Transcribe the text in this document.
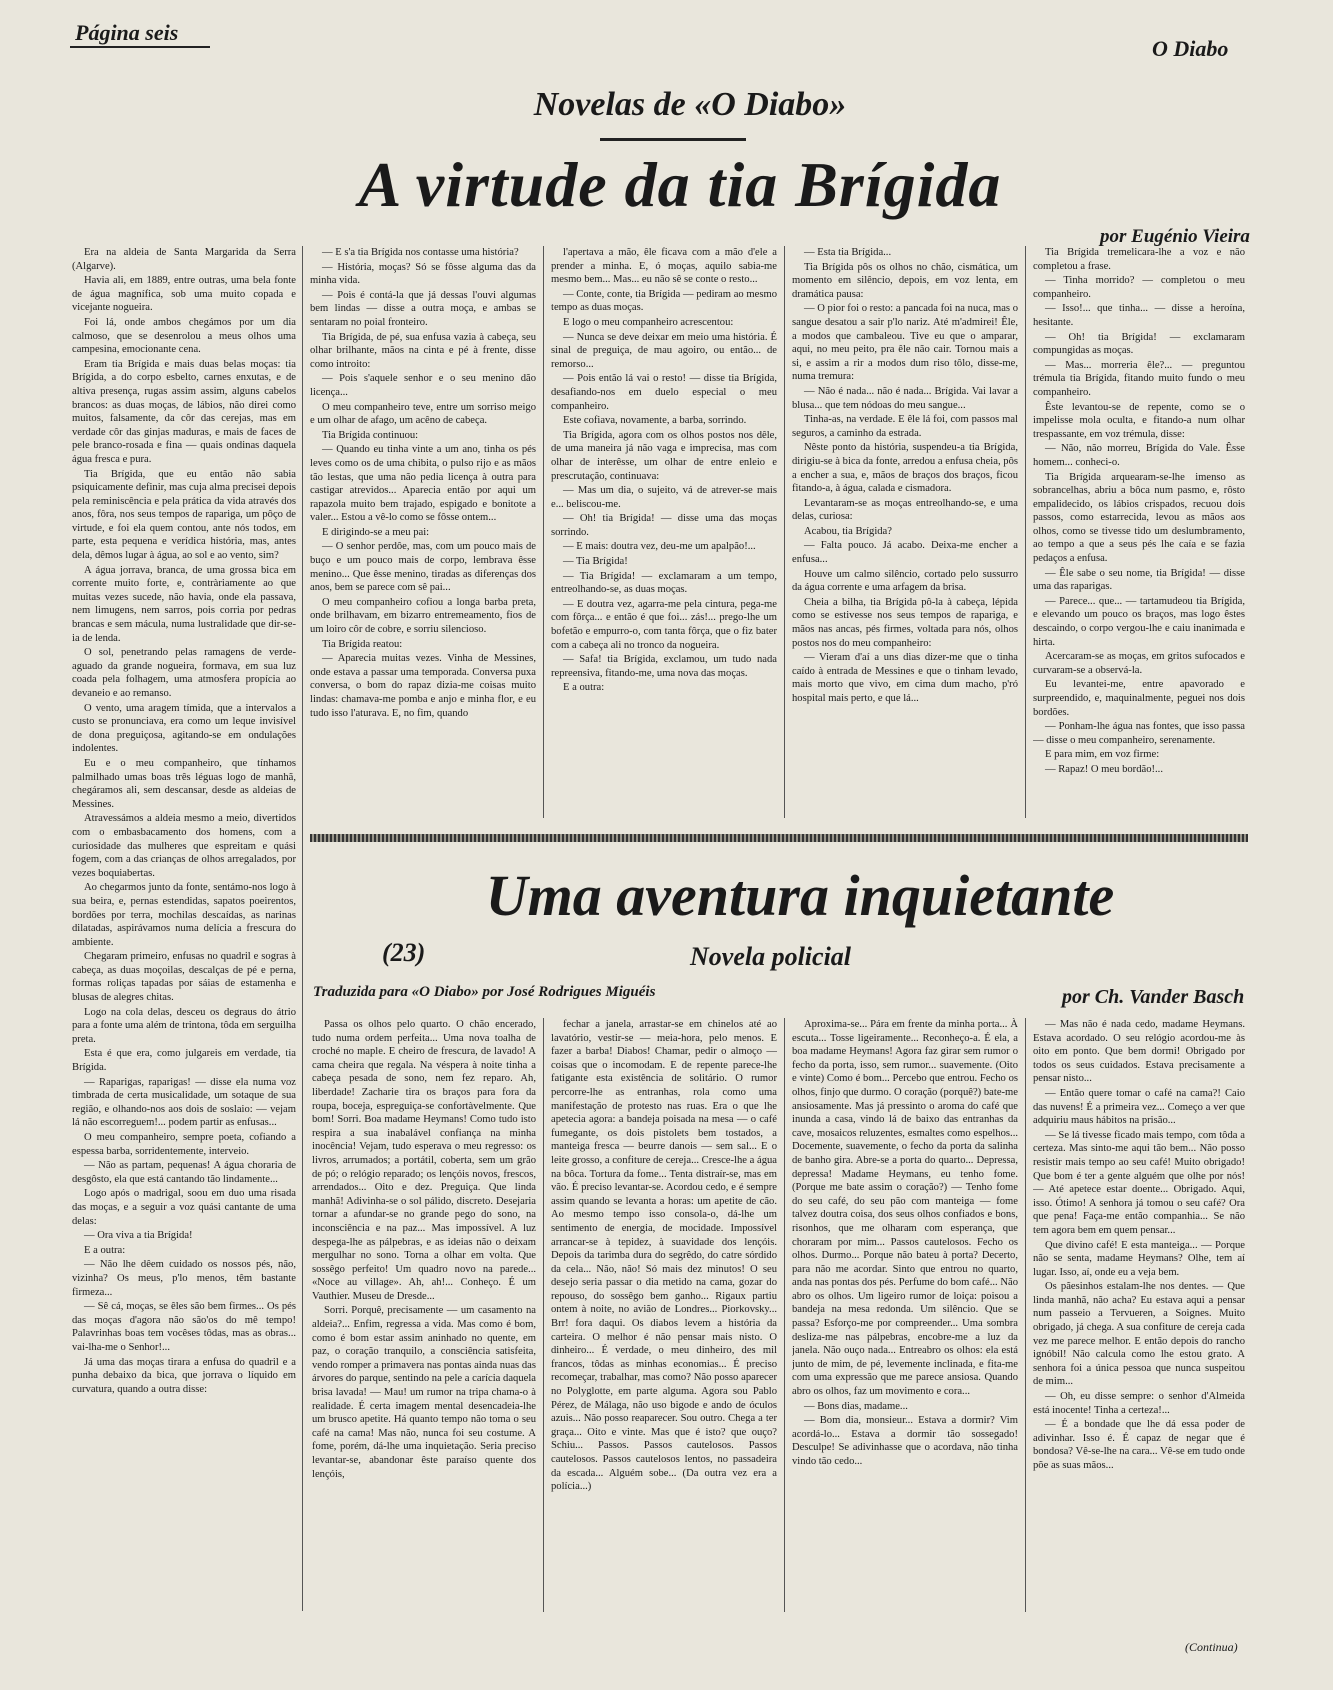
Página seis
O Diabo
Novelas de «O Diabo»
A virtude da tia Brígida
por Eugénio Vieira

Era na aldeia de Santa Margarida da Serra (Algarve).

Havia ali, em 1889, entre outras, uma bela fonte de água magnífica, sob uma muito copada e vicejante nogueira.

Foi lá, onde ambos chegámos por um dia calmoso, que se desenrolou a meus olhos uma campesina, emocionante cena.

Eram tia Brígida e mais duas belas moças: tia Brígida, a do corpo esbelto, carnes enxutas, e de altiva presença, rugas assim assim, alguns cabelos brancos: as duas moças, de lábios, não direi como muitos, falsamente, da côr das cerejas, mas em verdade côr das ginjas maduras, e mais de faces de pele branco-rosada e fina — quais ondinas daquela água fresca e pura.

Tia Brígida, que eu então não sabia psiquicamente definir, mas cuja alma precisei depois pela reminiscência e pela prática da vida através dos anos, fôra, nos seus tempos de rapariga, um pôço de virtude, e foi ela quem contou, ante nós todos, em parte, esta pequena e verídica história, mas, antes dela, dêmos lugar à água, ao sol e ao vento, sim?

A água jorrava, branca, de uma grossa bica em corrente muito forte, e, contràriamente ao que muitas vezes sucede, não havia, onde ela passava, nem limugens, nem sarros, pois corria por pedras brancas e sem mácula, numa lustralidade que dir-se-ia de lenda.

O sol, penetrando pelas ramagens de verde-aguado da grande nogueira, formava, em sua luz coada pela folhagem, uma atmosfera propícia ao devaneio e ao remanso.

O vento, uma aragem tímida, que a intervalos a custo se pronunciava, era como um leque invisível de dona preguiçosa, agitando-se em ondulações indolentes.

Eu e o meu companheiro, que tínhamos palmilhado umas boas três léguas logo de manhã, chegáramos ali, sem descansar, desde as aldeias de Messines.

Atravessámos a aldeia mesmo a meio, divertidos com o embasbacamento dos homens, com a curiosidade das mulheres que espreitam e quási fogem, com a das crianças de olhos arregalados, por vezes boquiabertas.

Ao chegarmos junto da fonte, sentámo-nos logo à sua beira, e, pernas estendidas, sapatos poeirentos, bordões por terra, mochilas descaídas, as narinas dilatadas, aspirávamos numa delícia a frescura do ambiente.

Chegaram primeiro, enfusas no quadril e sogras à cabeça, as duas moçoilas, descalças de pé e perna, formas roliças tapadas por sáias de estamenha e blusas de alegres chitas.

Logo na cola delas, desceu os degraus do átrio para a fonte uma além de trintona, tôda em serguilha preta.

Esta é que era, como julgareis em verdade, tia Brígida.

— Raparigas, raparigas! — disse ela numa voz timbrada de certa musicalidade, um sotaque de sua região, e olhando-nos aos dois de soslaio: — vejam lá não escorreguem!... podem partir as enfusas...

O meu companheiro, sempre poeta, cofiando a espessa barba, sorridentemente, interveio.

— Não as partam, pequenas! A água choraria de desgôsto, ela que está cantando tão lindamente...

Logo após o madrigal, soou em duo uma risada das moças, e a seguir a voz quási cantante de uma delas:

— Ora viva a tia Brígida!

E a outra:

— Não lhe dêem cuidado os nossos pés, não, vizinha? Os meus, p'lo menos, têm bastante firmeza...

— Sê cá, moças, se êles são bem firmes... Os pés das moças d'agora não são'os do mê tempo! Palavrinhas boas tem vocêses tôdas, mas as obras... vai-lha-me o Senhor!...

Já uma das moças tirara a enfusa do quadril e a punha debaixo da bica, que jorrava o líquido em curvatura, quando a outra disse:

— E s'a tia Brígida nos contasse uma história?

— História, moças? Só se fôsse alguma das da minha vida.

— Pois é contá-la que já dessas l'ouvi algumas bem lindas — disse a outra moça, e ambas se sentaram no poial fronteiro.

Tia Brígida, de pé, sua enfusa vazia à cabeça, seu olhar brilhante, mãos na cinta e pé à frente, disse como introito:

— Pois s'aquele senhor e o seu menino dão licença...

O meu companheiro teve, entre um sorriso meigo e um olhar de afago, um acêno de cabeça.

Tia Brígida continuou:

— Quando eu tinha vinte a um ano, tinha os pés leves como os de uma chibita, o pulso rijo e as mãos tão lestas, que uma não pedia licença à outra para castigar atrevidos... Aparecia então por aqui um rapazola muito bem trajado, espigado e bonitote a valer... Estou a vê-lo como se fôsse ontem...

E dirigindo-se a meu pai:

— O senhor perdôe, mas, com um pouco mais de buço e um pouco mais de corpo, lembrava êsse menino... Que êsse menino, tiradas as diferenças dos anos, bem se parece com sê pai...

O meu companheiro cofiou a longa barba preta, onde brilhavam, em bizarro entremeamento, fios de um loiro côr de cobre, e sorriu silencioso.

Tia Brígida reatou:

— Aparecia muitas vezes. Vinha de Messines, onde estava a passar uma temporada. Conversa puxa conversa, o bom do rapaz dizia-me coisas muito lindas: chamava-me pomba e anjo e minha flor, e eu tudo isso l'aturava. E, no fim, quando

l'apertava a mão, êle ficava com a mão d'ele a prender a minha. E, ó moças, aquilo sabia-me mesmo bem... Mas... eu não sê se conte o resto...

— Conte, conte, tia Brígida — pediram ao mesmo tempo as duas moças.

E logo o meu companheiro acrescentou:

— Nunca se deve deixar em meio uma história. É sinal de preguiça, de mau agoiro, ou então... de remorso...

— Pois então lá vai o resto! — disse tia Brígida, desafiando-nos em duelo especial o meu companheiro.

Este cofiava, novamente, a barba, sorrindo.

Tia Brígida, agora com os olhos postos nos dêle, de uma maneira já não vaga e imprecisa, mas com olhar de interêsse, um olhar de entre enleio e prescrutação, continuava:

— Mas um dia, o sujeito, vá de atrever-se mais e... beliscou-me.

— Oh! tia Brígida! — disse uma das moças sorrindo.

— E mais: doutra vez, deu-me um apalpão!...

— Tia Brígida!

— Tia Brígida! — exclamaram a um tempo, entreolhando-se, as duas moças.

— E doutra vez, agarra-me pela cintura, pega-me com fôrça... e então é que foi... zás!... prego-lhe um bofetão e empurro-o, com tanta fôrça, que o fiz bater com a cabeça ali no tronco da nogueira.

— Safa! tia Brígida, exclamou, um tudo nada repreensiva, fitando-me, uma nova das moças.

E a outra:

— Esta tia Brígida...

Tia Brígida pôs os olhos no chão, cismática, um momento em silêncio, depois, em voz lenta, em dramática pausa:

— O pior foi o resto: a pancada foi na nuca, mas o sangue desatou a sair p'lo nariz. Até m'admirei! Êle, a modos que cambaleou. Tive eu que o amparar, aqui, no meu peito, pra êle não cair. Tornou mais a si, e assim a rir a modos dum riso tôlo, disse-me, numa tremura:

— Não é nada... não é nada... Brígida. Vai lavar a blusa... que tem nódoas do meu sangue...

Tinha-as, na verdade. E êle lá foi, com passos mal seguros, a caminho da estrada.

Nêste ponto da história, suspendeu-a tia Brígida, dirigiu-se à bica da fonte, arredou a enfusa cheia, pôs a encher a sua, e, mãos de braços dos braços, ficou fitando-a, à água, calada e cismadora.

Levantaram-se as moças entreolhando-se, e uma delas, curiosa:

Acabou, tia Brígida?

— Falta pouco. Já acabo. Deixa-me encher a enfusa...

Houve um calmo silêncio, cortado pelo sussurro da água corrente e uma arfagem da brisa.

Cheia a bilha, tia Brígida pô-la à cabeça, lépida como se estivesse nos seus tempos de rapariga, e mãos nas ancas, pés firmes, voltada para nós, olhos postos nos do meu companheiro:

— Vieram d'aí a uns dias dizer-me que o tinha caído à entrada de Messines e que o tinham levado, mais morto que vivo, em cima dum macho, p'ró hospital mais perto, e que lá...

Tia Brígida tremelicara-lhe a voz e não completou a frase.

— Tinha morrido? — completou o meu companheiro.

— Isso!... que tinha... — disse a heroína, hesitante.

— Oh! tia Brígida! — exclamaram compungidas as moças.

— Mas... morreria êle?... — preguntou trémula tia Brígida, fitando muito fundo o meu companheiro.

Êste levantou-se de repente, como se o impelisse mola oculta, e fitando-a num olhar trespassante, em voz trémula, disse:

— Não, não morreu, Brígida do Vale. Êsse homem... conheci-o.

Tia Brígida arquearam-se-lhe imenso as sobrancelhas, abriu a bôca num pasmo, e, rôsto empalidecido, os lábios crispados, recuou dois passos, como estarrecida, levou as mãos aos olhos, como se tivesse tido um deslumbramento, ao tempo a que a seus pés lhe caía e se fazia pedaços a enfusa.

— Êle sabe o seu nome, tia Brígida! — disse uma das raparigas.

— Parece... que... — tartamudeou tia Brígida, e elevando um pouco os braços, mas logo êstes descaindo, o corpo vergou-lhe e caiu inanimada e hirta.

Acercaram-se as moças, em gritos sufocados e curvaram-se a observá-la.

Eu levantei-me, entre apavorado e surpreendido, e, maquinalmente, peguei nos dois bordões.

— Ponham-lhe água nas fontes, que isso passa — disse o meu companheiro, serenamente.

E para mim, em voz firme:

— Rapaz! O meu bordão!...

Uma aventura inquietante
(23)	Novela policial
Traduzida para «O Diabo» por José Rodrigues Miguéis	por Ch. Vander Basch

Passa os olhos pelo quarto. O chão encerado, tudo numa ordem perfeita... Uma nova toalha de croché no maple. E cheiro de frescura, de lavado! A cama cheira que regala. Na véspera à noite tinha a cabeça pesada de sono, nem fez reparo. Ah, liberdade! Zacharie tira os braços para fora da roupa, boceja, espreguiça-se confortàvelmente. Que bom! Sorri. Boa madame Heymans! Como tudo isto respira a sua inabalável confiança na minha inocência! Vejam, tudo esperava o meu regresso: os livros, arrumados; a portátil, coberta, sem um grão de pó; o relógio reparado; os lençóis novos, frescos, arrendados... Oito e dez. Preguiça. Que linda manhã! Adivinha-se o sol pálido, discreto. Desejaria tornar a afundar-se no grande pego do sono, na inconsciência e na paz... Mas impossível. A luz despega-lhe as pálpebras, e as ideias não o deixam mergulhar no sono. Torna a olhar em volta. Que sossêgo perfeito! Um quadro novo na parede... «Noce au village». Ah, ah!... Conheço. É um Vauthier. Museu de Dresde...

Sorri. Porquê, precisamente — um casamento na aldeia?... Enfim, regressa a vida. Mas como é bom, como é bom estar assim aninhado no quente, em paz, o coração tranquilo, a consciência satisfeita, vendo romper a primavera nas pontas ainda nuas das árvores do parque, sentindo na pele a carícia daquela brisa lavada! — Mau! um rumor na tripa chama-o à realidade. É certa imagem mental desencadeia-lhe um brusco apetite. Há quanto tempo não toma o seu café na cama! Mas não, nunca foi seu costume. A fome, porém, dá-lhe uma inquietação. Seria preciso levantar-se, abandonar êste paraíso quente dos lençóis,

fechar a janela, arrastar-se em chinelos até ao lavatório, vestir-se — meia-hora, pelo menos. E fazer a barba! Diabos! Chamar, pedir o almoço — coisas que o incomodam. E de repente parece-lhe fatigante esta existência de solitário. O rumor percorre-lhe as entranhas, rola como uma manifestação de protesto nas ruas. Era o que lhe apetecia agora: a bandeja poisada na mesa — o café fumegante, os dois pistolets bem tostados, a manteiga fresca — beurre danois — sem sal... E o leite grosso, a confiture de cereja... Cresce-lhe a água na bôca. Tortura da fome... Tenta distraír-se, mas em vão. É preciso levantar-se. Acordou cedo, e é sempre assim quando se levanta a horas: um apetite de cão. Ao mesmo tempo isso consola-o, dá-lhe um sentimento de energia, de mocidade. Impossível arrancar-se à tepidez, à suavidade dos lençóis. Depois da tarimba dura do segrêdo, do catre sórdido da cela... Não, não! Só mais dez minutos! O seu desejo seria passar o dia metido na cama, gozar do repouso, do sossêgo bem ganho... Rigaux partiu ontem à noite, no avião de Londres... Piorkovsky... Brr! fora daqui. Os diabos levem a história da carteira. O melhor é não pensar mais nisto. O dinheiro... É verdade, o meu dinheiro, des mil francos, tôdas as minhas economias... É preciso recomeçar, trabalhar, mas como? Não posso aparecer no Polyglotte, em parte alguma. Agora sou Pablo Pérez, de Málaga, não uso bigode e ando de óculos azuis... Não posso reaparecer. Sou outro. Chega a ter graça... Oito e vinte. Mas que é isto? que ouço? Schiu... Passos. Passos cautelosos. Passos cautelosos. Passos cautelosos lentos, no passadeira da escada... Alguém sobe... (Da outra vez era a polícia...)

Aproxima-se... Pára em frente da minha porta... À escuta... Tosse ligeiramente... Reconheço-a. É ela, a boa madame Heymans! Agora faz girar sem rumor o fecho da porta, isso, sem rumor... suavemente. (Oito e vinte) Como é bom... Percebo que entrou. Fecho os olhos, finjo que durmo. O coração (porquê?) bate-me ansiosamente. Mas já pressinto o aroma do café que inunda a casa, vindo lá de baixo das entranhas da cave, mosaicos reluzentes, esmaltes como espelhos... Docemente, suavemente, o fecho da porta da salinha de banho gira. Abre-se a porta do quarto... Depressa, depressa! Madame Heymans, eu tenho fome. (Porque me bate assim o coração?) — Tenho fome do seu café, do seu pão com manteiga — fome talvez doutra coisa, dos seus olhos confiados e bons, risonhos, que me olharam com esperança, que choraram por mim... Passos cautelosos. Fecho os olhos. Durmo... Porque não bateu à porta? Decerto, para não me acordar. Sinto que entrou no quarto, anda nas pontas dos pés. Perfume do bom café... Não abro os olhos. Um ligeiro rumor de loiça: poisou a bandeja na mesa redonda. Um silêncio. Que se passa? Esforço-me por compreender... Uma sombra desliza-me nas pálpebras, encobre-me a luz da janela. Não ouço nada... Entreabro os olhos: ela está junto de mim, de pé, levemente inclinada, e fita-me com uma expressão que me parece ansiosa. Quando abro os olhos, faz um movimento e cora...

— Bons dias, madame...

— Bom dia, monsieur... Estava a dormir? Vim acordá-lo... Estava a dormir tão sossegado! Desculpe! Se adivinhasse que o acordava, não tinha vindo tão cedo...

— Mas não é nada cedo, madame Heymans. Estava acordado. O seu relógio acordou-me às oito em ponto. Que bem dormi! Obrigado por todos os seus cuidados. Estava precisamente a pensar nisto...

— Então quere tomar o café na cama?! Caio das nuvens! É a primeira vez... Começo a ver que adquiriu maus hábitos na prisão...

— Se lá tivesse ficado mais tempo, com tôda a certeza. Mas sinto-me aqui tão bem... Não posso resistir mais tempo ao seu café! Muito obrigado! Que bom é ter a gente alguém que olhe por nós! — Até apetece estar doente... Obrigado. Aqui, isso. Ótimo! A senhora já tomou o seu café? Ora que pena! Faça-me então companhia... Se não tem agora bem em quem pensar...

Que divino café! E esta manteiga... — Porque não se senta, madame Heymans? Olhe, tem aí lugar. Isso, aí, onde eu a veja bem.

Os pãesinhos estalam-lhe nos dentes. — Que linda manhã, não acha? Eu estava aqui a pensar num passeio a Tervueren, a Soignes. Muito obrigado, já chega. A sua confiture de cereja cada vez me parece melhor. E então depois do rancho ignóbil! Não calcula como lhe estou grato. A senhora foi a única pessoa que nunca suspeitou de mim...

— Oh, eu disse sempre: o senhor d'Almeida está inocente! Tinha a certeza!...

— É a bondade que lhe dá essa poder de adivinhar. Isso é. É capaz de negar que é bondosa? Vê-se-lhe na cara... Vê-se em tudo onde põe as suas mãos...

(Continua)
